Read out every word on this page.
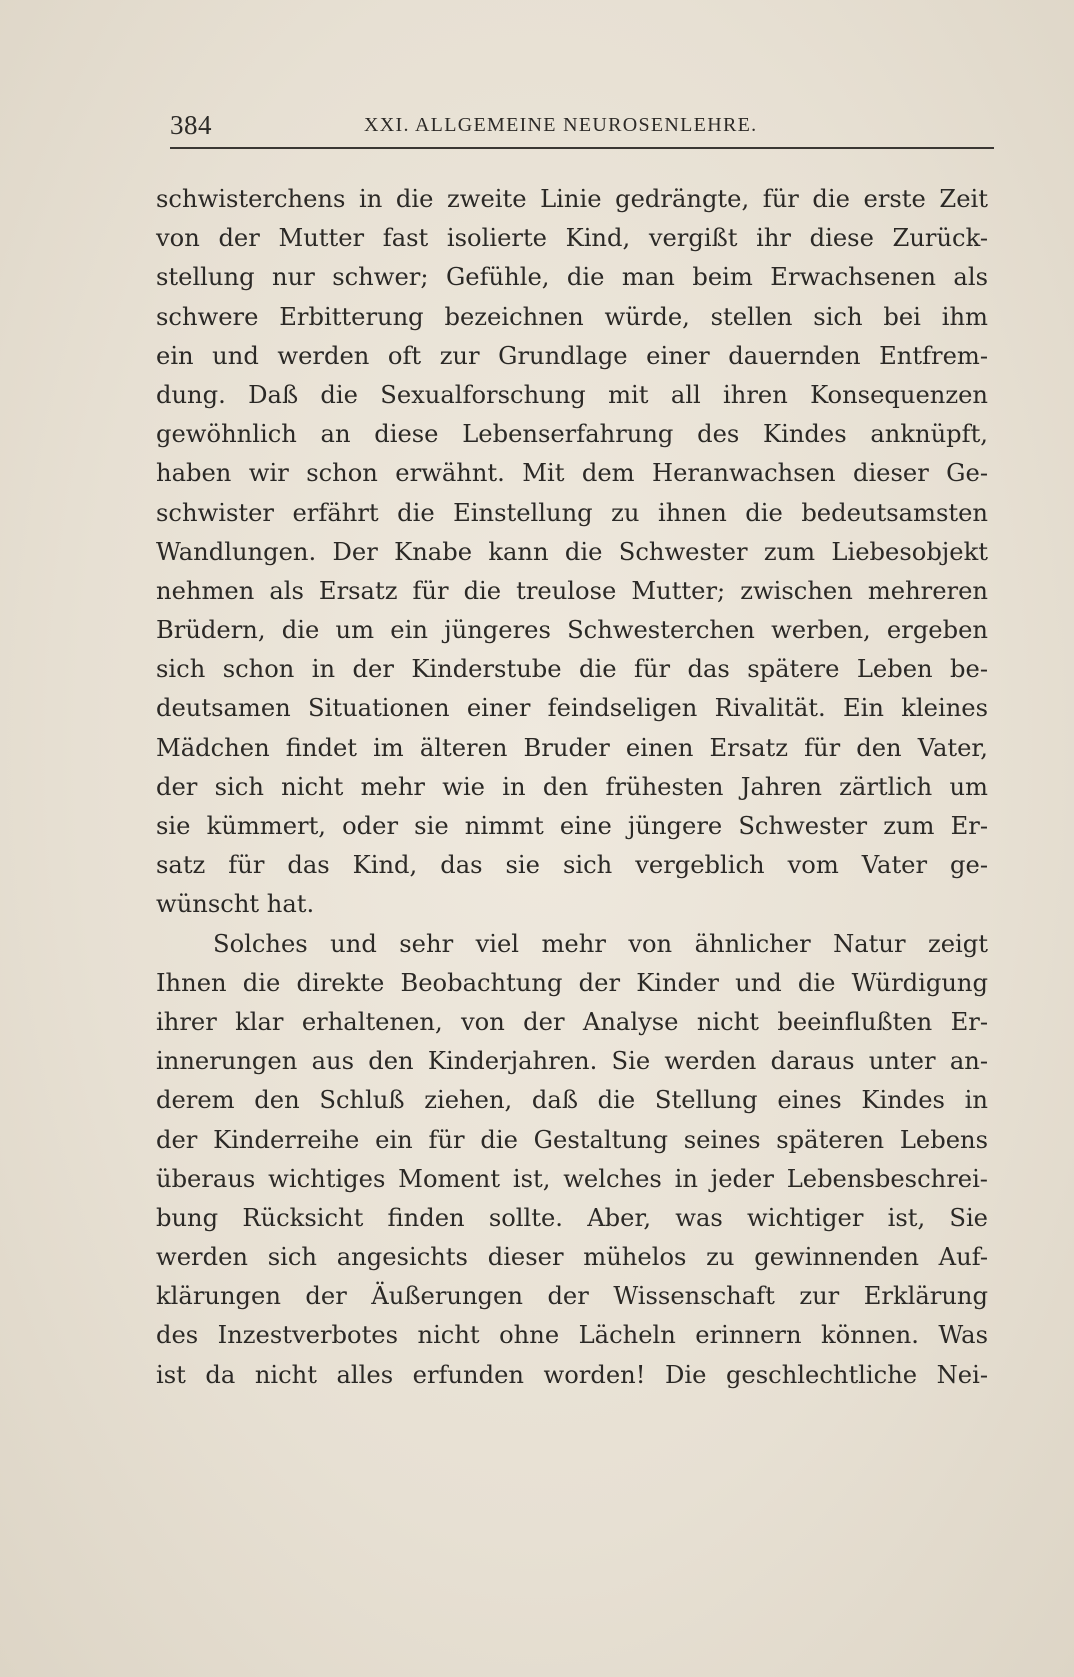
384	XXI. ALLGEMEINE NEUROSENLEHRE.
schwisterchens in die zweite Linie gedrängte, für die erste Zeit
von der Mutter fast isolierte Kind, vergißt ihr diese Zurück-
stellung nur schwer; Gefühle, die man beim Erwachsenen als
schwere Erbitterung bezeichnen würde, stellen sich bei ihm
ein und werden oft zur Grundlage einer dauernden Entfrem-
dung. Daß die Sexualforschung mit all ihren Konsequenzen
gewöhnlich an diese Lebenserfahrung des Kindes anknüpft,
haben wir schon erwähnt. Mit dem Heranwachsen dieser Ge-
schwister erfährt die Einstellung zu ihnen die bedeutsamsten
Wandlungen. Der Knabe kann die Schwester zum Liebesobjekt
nehmen als Ersatz für die treulose Mutter; zwischen mehreren
Brüdern, die um ein jüngeres Schwesterchen werben, ergeben
sich schon in der Kinderstube die für das spätere Leben be-
deutsamen Situationen einer feindseligen Rivalität. Ein kleines
Mädchen findet im älteren Bruder einen Ersatz für den Vater,
der sich nicht mehr wie in den frühesten Jahren zärtlich um
sie kümmert, oder sie nimmt eine jüngere Schwester zum Er-
satz für das Kind, das sie sich vergeblich vom Vater ge-
wünscht hat.
Solches und sehr viel mehr von ähnlicher Natur zeigt
Ihnen die direkte Beobachtung der Kinder und die Würdigung
ihrer klar erhaltenen, von der Analyse nicht beeinflußten Er-
innerungen aus den Kinderjahren. Sie werden daraus unter an-
derem den Schluß ziehen, daß die Stellung eines Kindes in
der Kinderreihe ein für die Gestaltung seines späteren Lebens
überaus wichtiges Moment ist, welches in jeder Lebensbeschrei-
bung Rücksicht finden sollte. Aber, was wichtiger ist, Sie
werden sich angesichts dieser mühelos zu gewinnenden Auf-
klärungen der Äußerungen der Wissenschaft zur Erklärung
des Inzestverbotes nicht ohne Lächeln erinnern können. Was
ist da nicht alles erfunden worden! Die geschlechtliche Nei-
